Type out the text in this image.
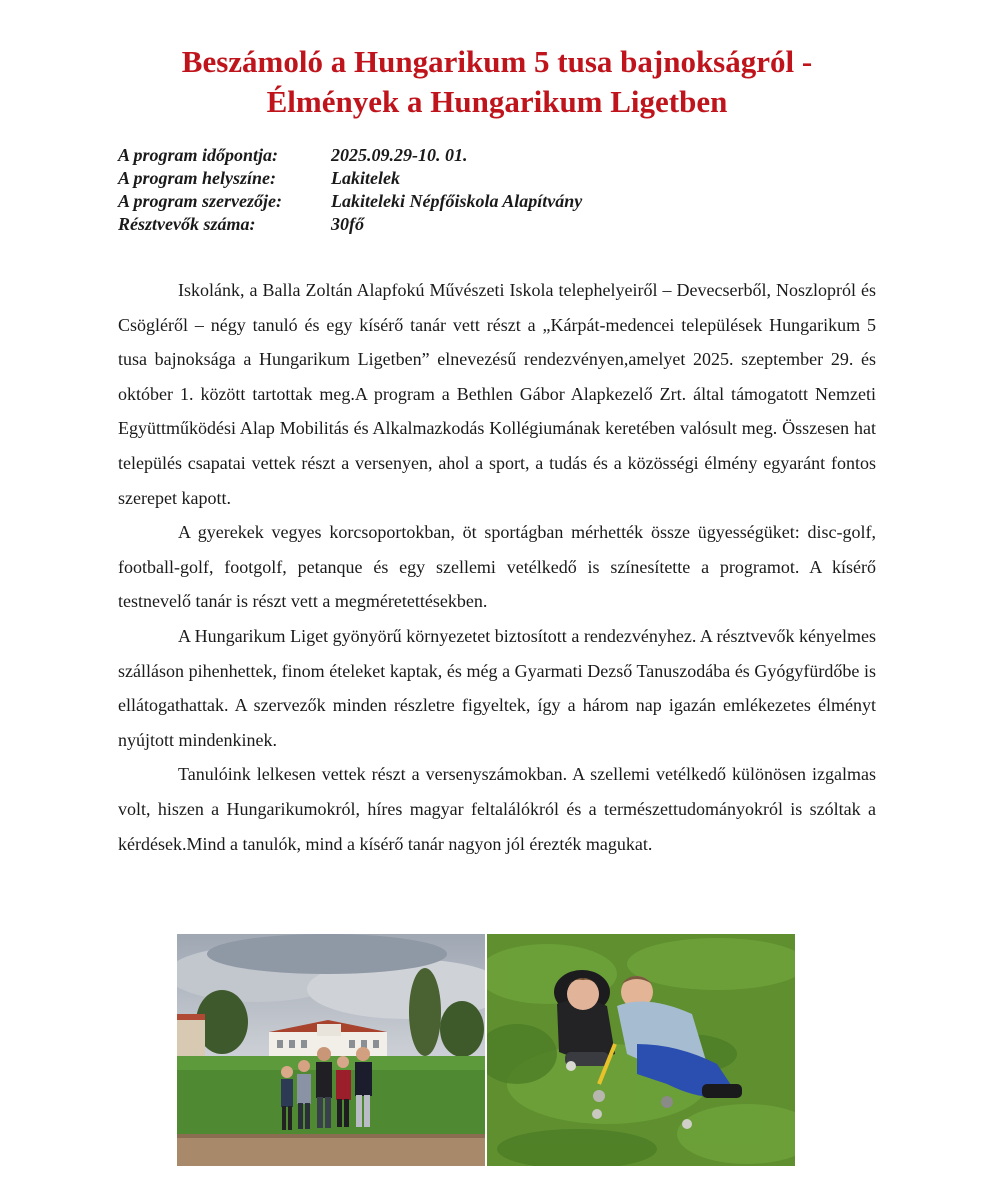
Beszámoló a Hungarikum 5 tusa bajnokságról -
Élmények a Hungarikum Ligetben
A program időpontja:	2025.09.29-10. 01.
A program helyszíne:	Lakitelek
A program szervezője:	Lakiteleki Népfőiskola Alapítvány
Résztvevők száma:	30fő

Iskolánk, a Balla Zoltán Alapfokú Művészeti Iskola telephelyeiről – Devecserből, Noszlopról és Csögléről – négy tanuló és egy kísérő tanár vett részt a „Kárpát-medencei települések Hungarikum 5 tusa bajnoksága a Hungarikum Ligetben” elnevezésű rendezvényen,amelyet 2025. szeptember 29. és október 1. között tartottak meg.A program a Bethlen Gábor Alapkezelő Zrt. által támogatott Nemzeti Együttműködési Alap Mobilitás és Alkalmazkodás Kollégiumának keretében valósult meg. Összesen hat település csapatai vettek részt a versenyen, ahol a sport, a tudás és a közösségi élmény egyaránt fontos szerepet kapott.

A gyerekek vegyes korcsoportokban, öt sportágban mérhették össze ügyességüket: disc-golf, football-golf, footgolf, petanque és egy szellemi vetélkedő is színesítette a programot. A kísérő testnevelő tanár is részt vett a megméretettésekben.

A Hungarikum Liget gyönyörű környezetet biztosított a rendezvényhez. A résztvevők kényelmes szálláson pihenhettek, finom ételeket kaptak, és még a Gyarmati Dezső Tanuszodába és Gyógyfürdőbe is ellátogathattak. A szervezők minden részletre figyeltek, így a három nap igazán emlékezetes élményt nyújtott mindenkinek.

Tanulóink lelkesen vettek részt a versenyszámokban. A szellemi vetélkedő különösen izgalmas volt, hiszen a Hungarikumokról, híres magyar feltalálókról és a természettudományokról is szóltak a kérdések.Mind a tanulók, mind a kísérő tanár nagyon jól érezték magukat.
